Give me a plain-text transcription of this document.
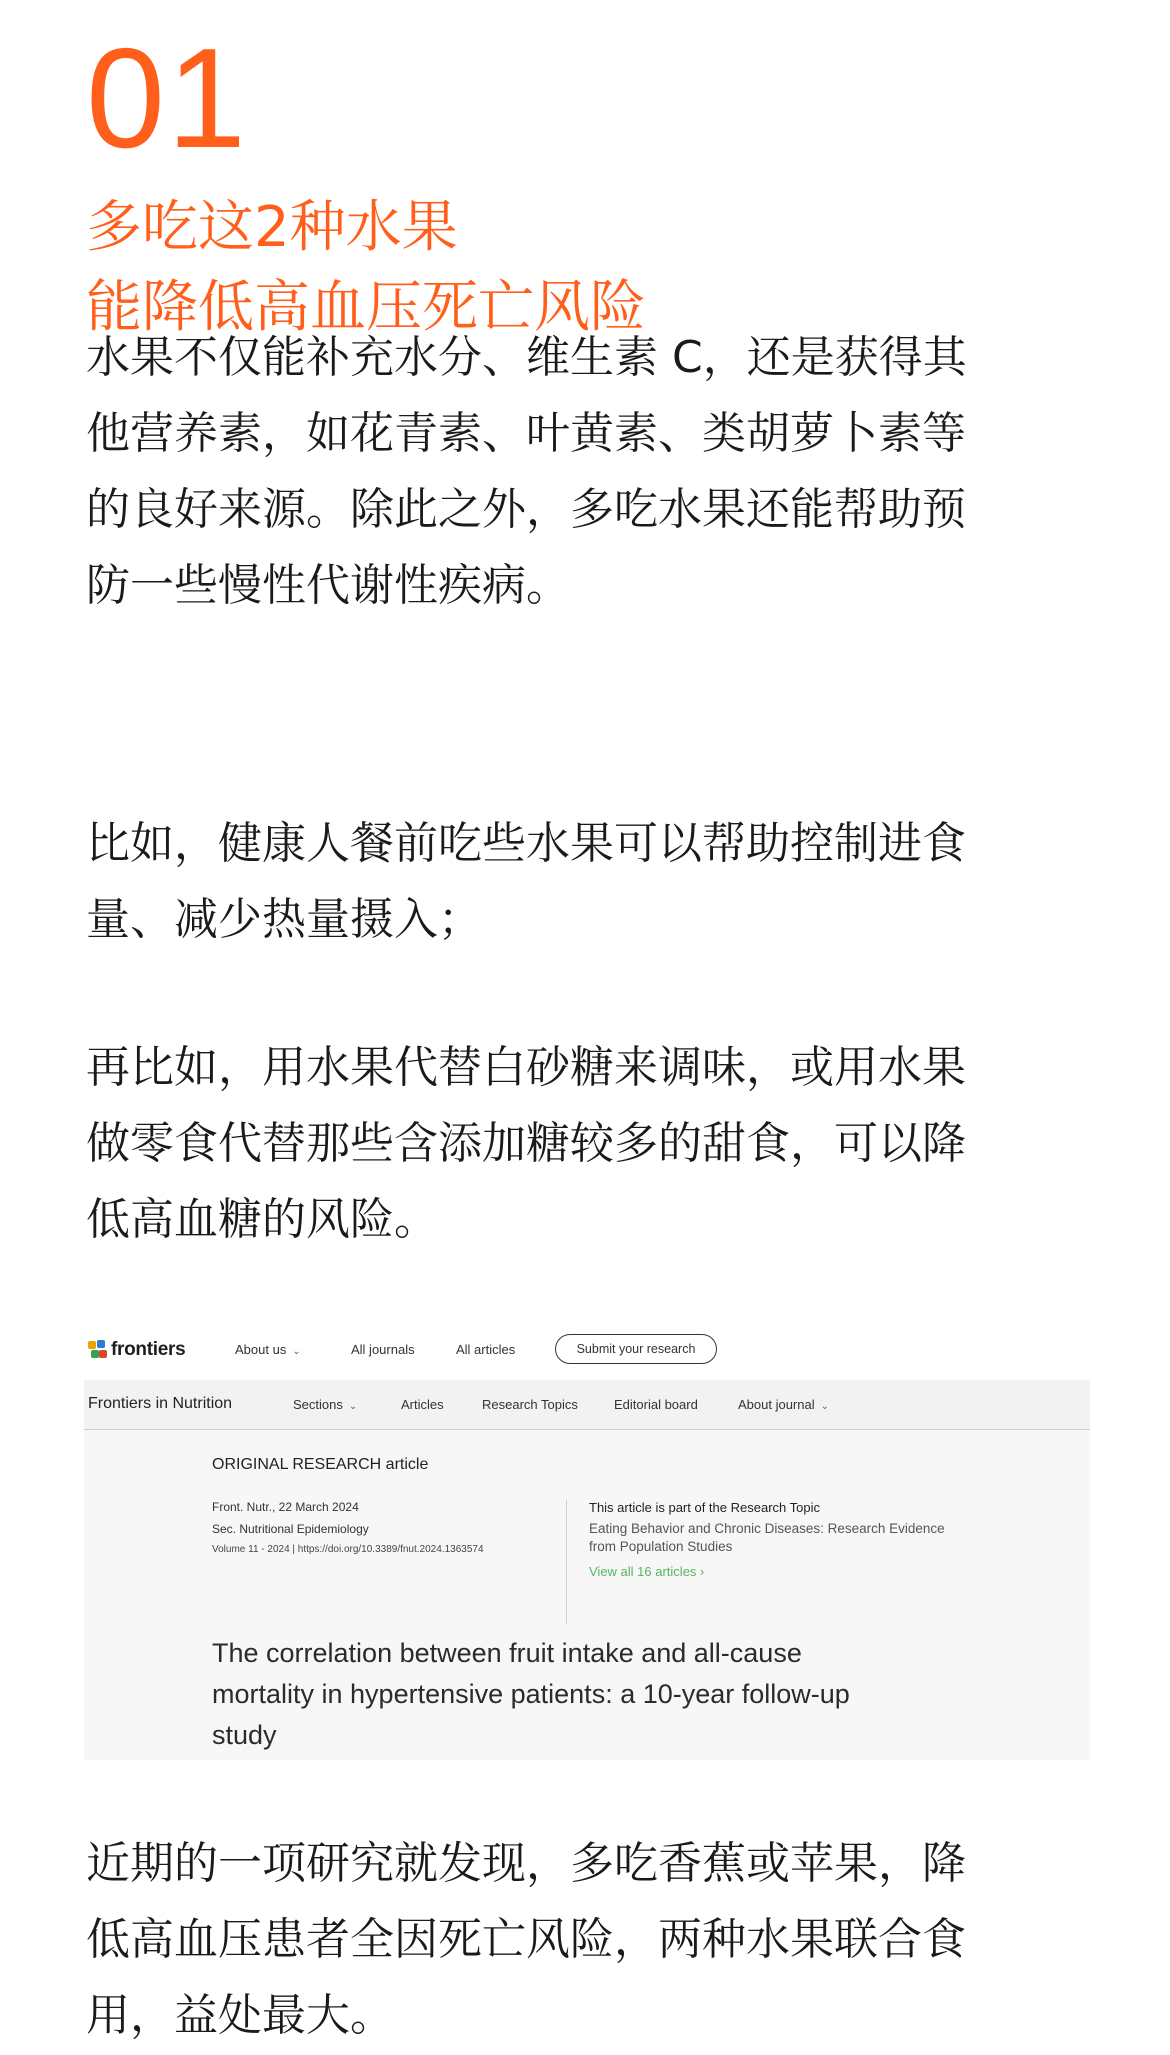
01
多吃这2种水果
能降低高血压死亡风险

水果不仅能补充水分、维生素 C，还是获得其
他营养素，如花青素、叶黄素、类胡萝卜素等
的良好来源。除此之外，多吃水果还能帮助预
防一些慢性代谢性疾病。

比如，健康人餐前吃些水果可以帮助控制进食
量、减少热量摄入；

再比如，用水果代替白砂糖来调味，或用水果
做零食代替那些含添加糖较多的甜食，可以降
低高血糖的风险。

frontiers	About us ⌄	All journals	All articles	Submit your research
Frontiers in Nutrition	Sections ⌄	Articles	Research Topics	Editorial board	About journal ⌄
ORIGINAL RESEARCH article
Front. Nutr., 22 March 2024
Sec. Nutritional Epidemiology
Volume 11 - 2024 | https://doi.org/10.3389/fnut.2024.1363574
This article is part of the Research Topic
Eating Behavior and Chronic Diseases: Research Evidence
from Population Studies
View all 16 articles ›
The correlation between fruit intake and all-cause
mortality in hypertensive patients: a 10-year follow-up
study

近期的一项研究就发现，多吃香蕉或苹果，降
低高血压患者全因死亡风险，两种水果联合食
用，益处最大。
